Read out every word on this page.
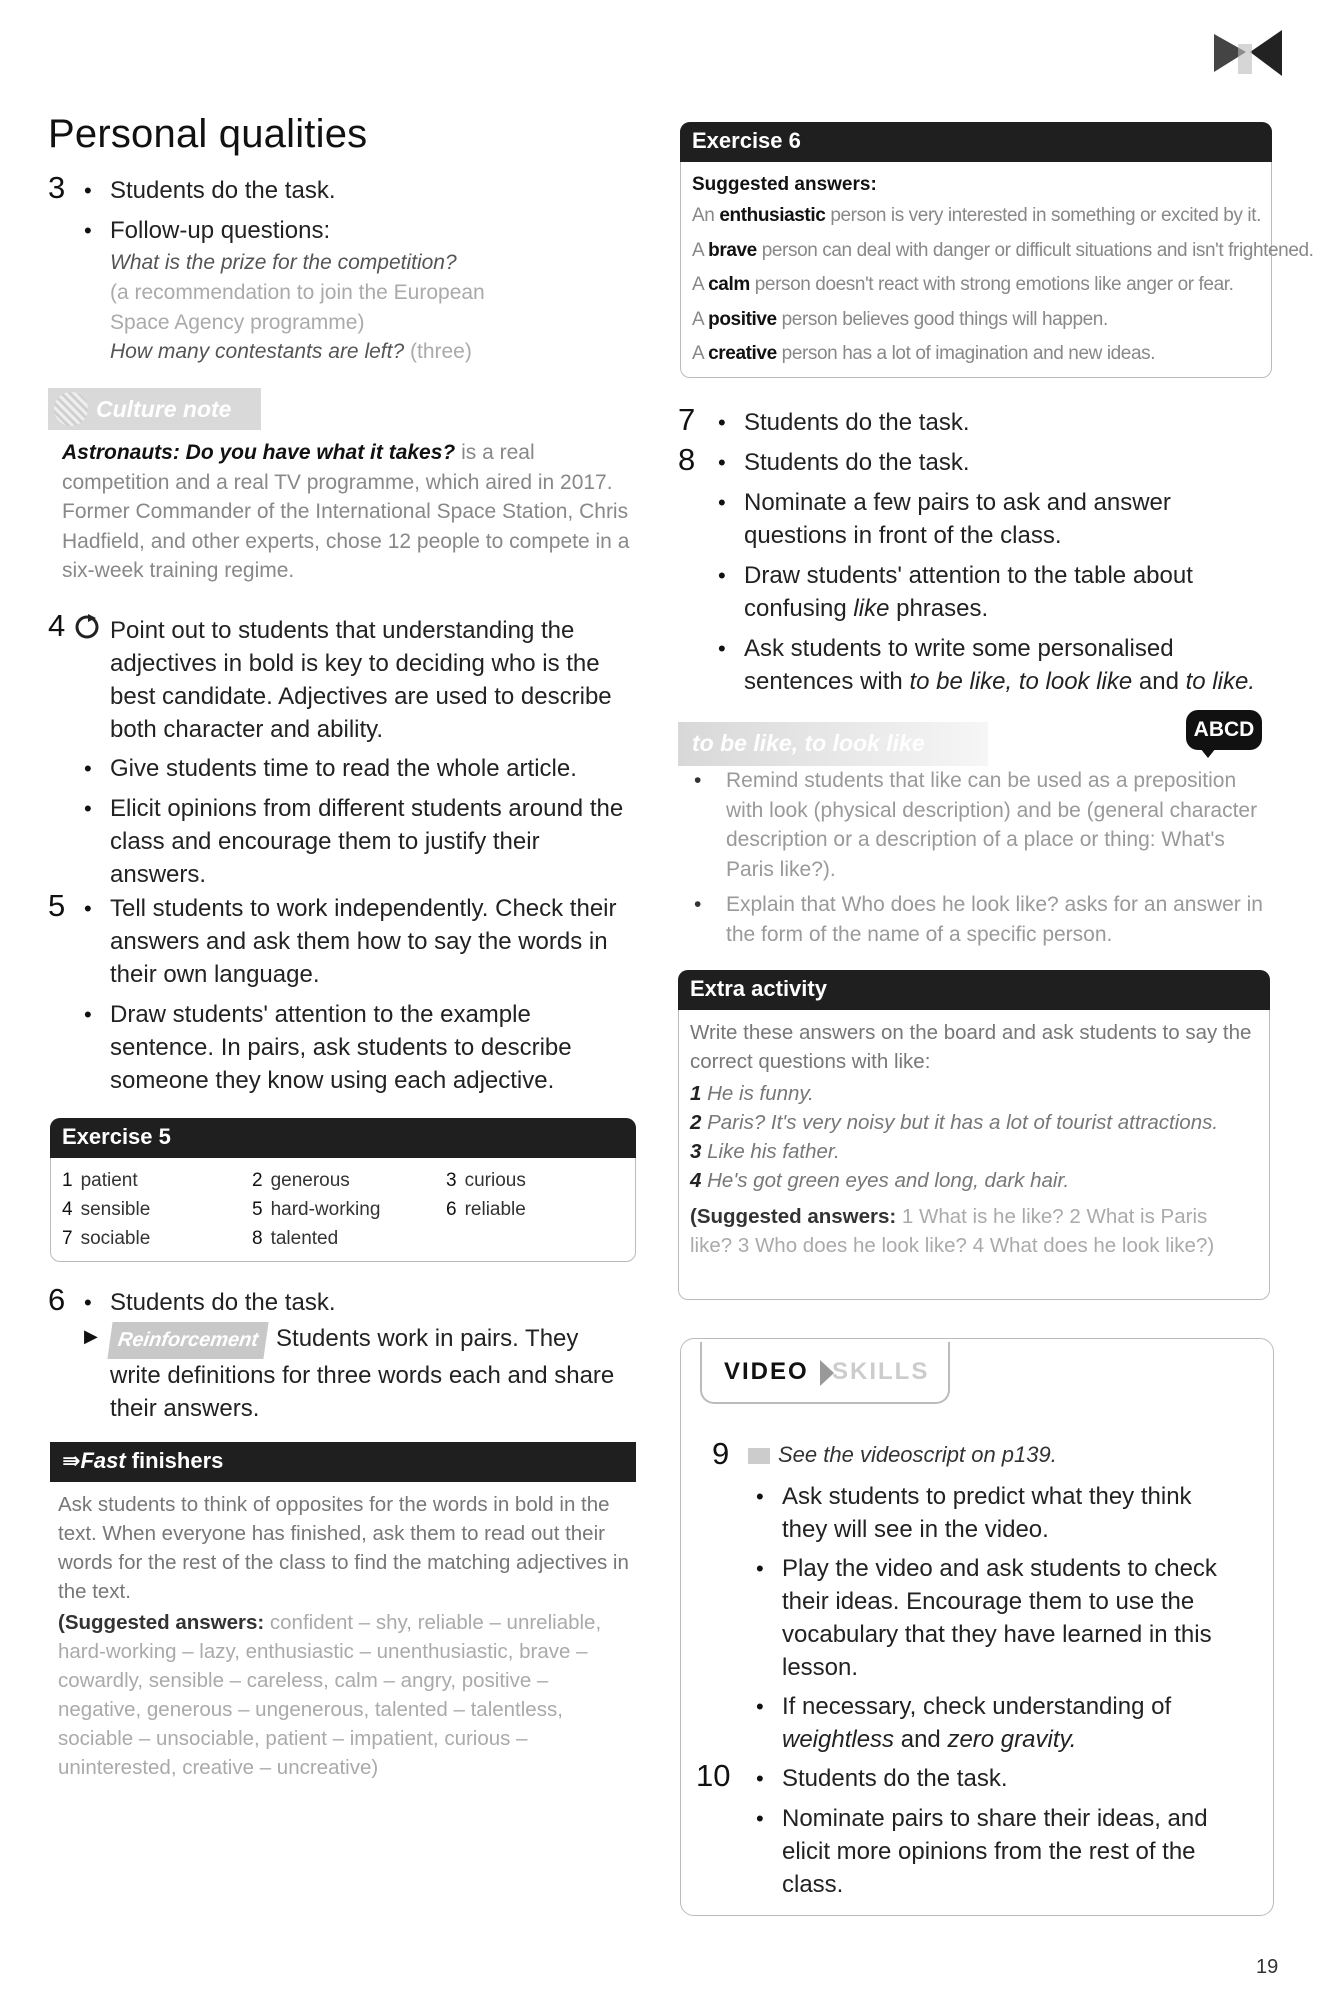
Personal qualities
3 • Students do the task.
• Follow-up questions:
What is the prize for the competition?
(a recommendation to join the European Space Agency programme)
How many contestants are left? (three)
Culture note
Astronauts: Do you have what it takes? is a real competition and a real TV programme, which aired in 2017. Former Commander of the International Space Station, Chris Hadfield, and other experts, chose 12 people to compete in a six-week training regime.
4 Point out to students that understanding the adjectives in bold is key to deciding who is the best candidate. Adjectives are used to describe both character and ability.
• Give students time to read the whole article.
• Elicit opinions from different students around the class and encourage them to justify their answers.
5 • Tell students to work independently. Check their answers and ask them how to say the words in their own language.
• Draw students' attention to the example sentence. In pairs, ask students to describe someone they know using each adjective.
Exercise 5
1 patient	2 generous	3 curious
4 sensible	5 hard-working	6 reliable
7 sociable	8 talented
6 • Students do the task.
▶ Reinforcement Students work in pairs. They write definitions for three words each and share their answers.
⇛Fast finishers
Ask students to think of opposites for the words in bold in the text. When everyone has finished, ask them to read out their words for the rest of the class to find the matching adjectives in the text.
(Suggested answers: confident – shy, reliable – unreliable, hard-working – lazy, enthusiastic – unenthusiastic, brave – cowardly, sensible – careless, calm – angry, positive – negative, generous – ungenerous, talented – talentless, sociable – unsociable, patient – impatient, curious – uninterested, creative – uncreative)
Exercise 6
Suggested answers:
An enthusiastic person is very interested in something or excited by it.
A brave person can deal with danger or difficult situations and isn't frightened.
A calm person doesn't react with strong emotions like anger or fear.
A positive person believes good things will happen.
A creative person has a lot of imagination and new ideas.
7 • Students do the task.
8 • Students do the task.
• Nominate a few pairs to ask and answer questions in front of the class.
• Draw students' attention to the table about confusing like phrases.
• Ask students to write some personalised sentences with to be like, to look like and to like.
to be like, to look like
ABCD
• Remind students that like can be used as a preposition with look (physical description) and be (general character description or a description of a place or thing: What's Paris like?).
• Explain that Who does he look like? asks for an answer in the form of the name of a specific person.
Extra activity
Write these answers on the board and ask students to say the correct questions with like:
1 He is funny.
2 Paris? It's very noisy but it has a lot of tourist attractions.
3 Like his father.
4 He's got green eyes and long, dark hair.
(Suggested answers: 1 What is he like? 2 What is Paris like? 3 Who does he look like? 4 What does he look like?)
VIDEO SKILLS
9	See the videoscript on p139.
• Ask students to predict what they think they will see in the video.
• Play the video and ask students to check their ideas. Encourage them to use the vocabulary that they have learned in this lesson.
• If necessary, check understanding of weightless and zero gravity.
10 • Students do the task.
• Nominate pairs to share their ideas, and elicit more opinions from the rest of the class.
19
